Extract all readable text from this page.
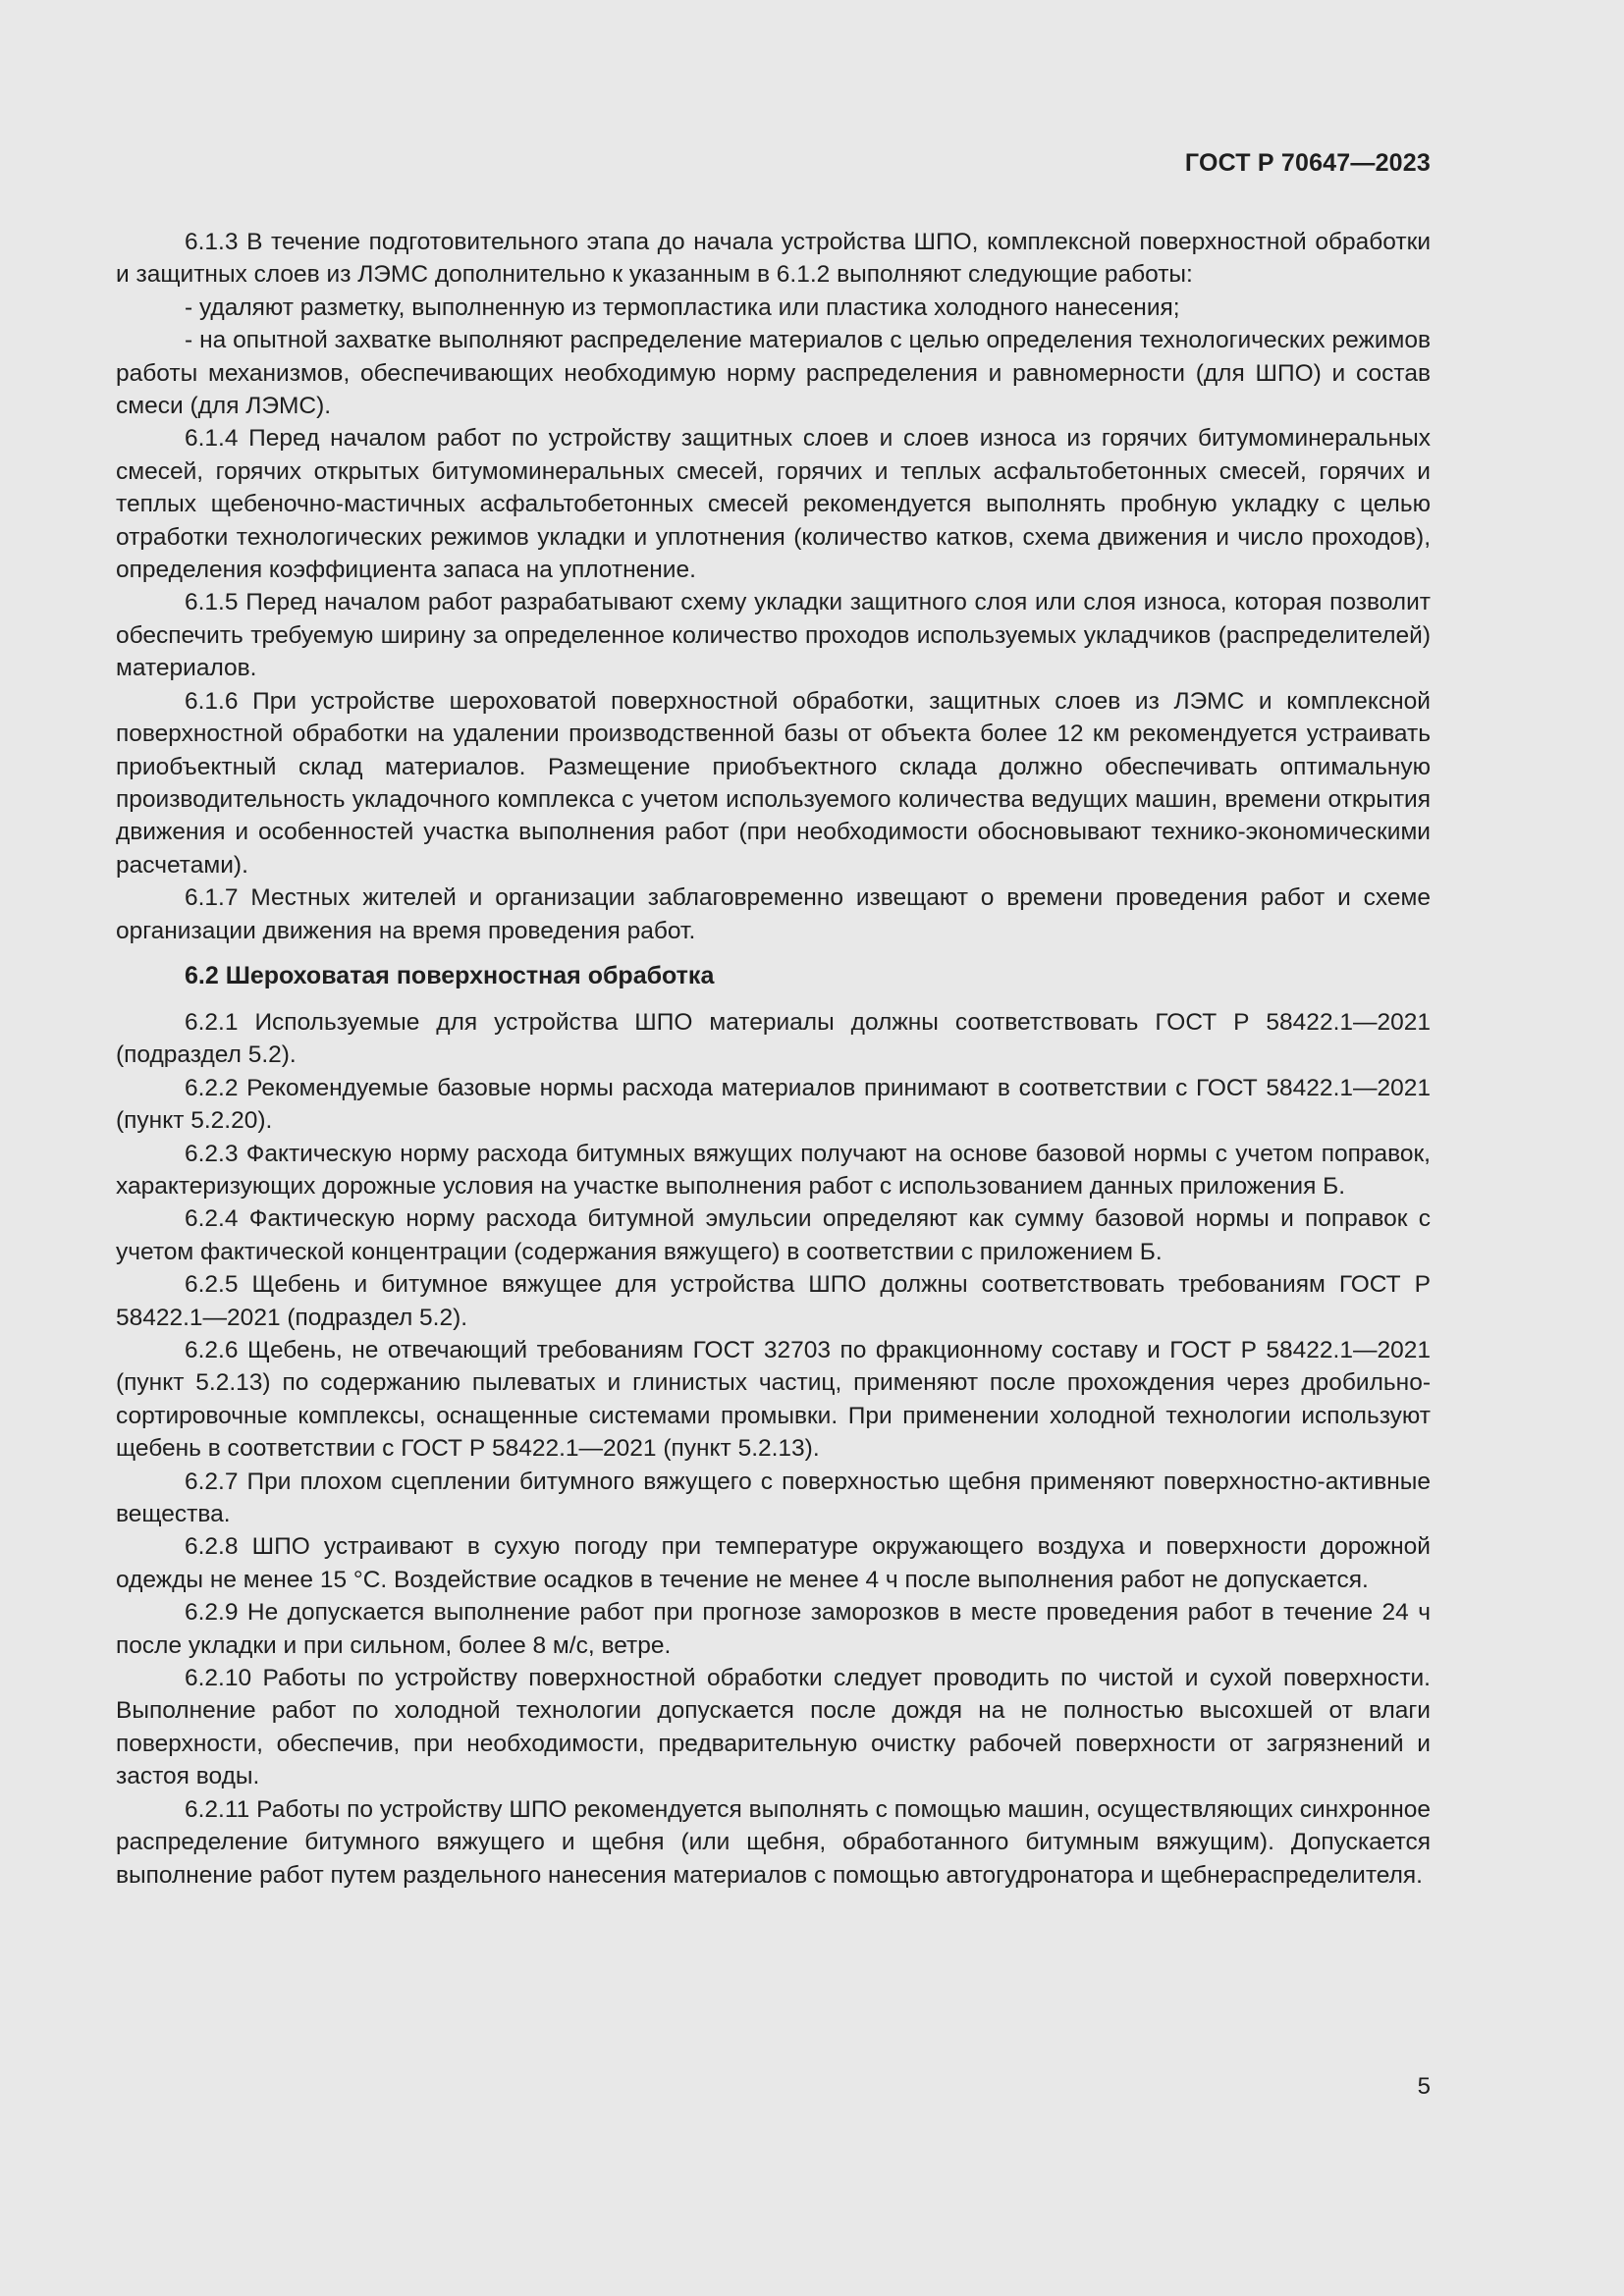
ГОСТ Р 70647—2023

6.1.3 В течение подготовительного этапа до начала устройства ШПО, комплексной поверхностной обработки и защитных слоев из ЛЭМС дополнительно к указанным в 6.1.2 выполняют следующие работы:

- удаляют разметку, выполненную из термопластика или пластика холодного нанесения;

- на опытной захватке выполняют распределение материалов с целью определения технологических режимов работы механизмов, обеспечивающих необходимую норму распределения и равномерности (для ШПО) и состав смеси (для ЛЭМС).

6.1.4 Перед началом работ по устройству защитных слоев и слоев износа из горячих битумоминеральных смесей, горячих открытых битумоминеральных смесей, горячих и теплых асфальтобетонных смесей, горячих и теплых щебеночно-мастичных асфальтобетонных смесей рекомендуется выполнять пробную укладку с целью отработки технологических режимов укладки и уплотнения (количество катков, схема движения и число проходов), определения коэффициента запаса на уплотнение.

6.1.5 Перед началом работ разрабатывают схему укладки защитного слоя или слоя износа, которая позволит обеспечить требуемую ширину за определенное количество проходов используемых укладчиков (распределителей) материалов.

6.1.6 При устройстве шероховатой поверхностной обработки, защитных слоев из ЛЭМС и комплексной поверхностной обработки на удалении производственной базы от объекта более 12 км рекомендуется устраивать приобъектный склад материалов. Размещение приобъектного склада должно обеспечивать оптимальную производительность укладочного комплекса с учетом используемого количества ведущих машин, времени открытия движения и особенностей участка выполнения работ (при необходимости обосновывают технико-экономическими расчетами).

6.1.7 Местных жителей и организации заблаговременно извещают о времени проведения работ и схеме организации движения на время проведения работ.

6.2 Шероховатая поверхностная обработка

6.2.1 Используемые для устройства ШПО материалы должны соответствовать ГОСТ Р 58422.1—2021 (подраздел 5.2).

6.2.2 Рекомендуемые базовые нормы расхода материалов принимают в соответствии с ГОСТ 58422.1—2021 (пункт 5.2.20).

6.2.3 Фактическую норму расхода битумных вяжущих получают на основе базовой нормы с учетом поправок, характеризующих дорожные условия на участке выполнения работ с использованием данных приложения Б.

6.2.4 Фактическую норму расхода битумной эмульсии определяют как сумму базовой нормы и поправок с учетом фактической концентрации (содержания вяжущего) в соответствии с приложением Б.

6.2.5 Щебень и битумное вяжущее для устройства ШПО должны соответствовать требованиям ГОСТ Р 58422.1—2021 (подраздел 5.2).

6.2.6 Щебень, не отвечающий требованиям ГОСТ 32703 по фракционному составу и ГОСТ Р 58422.1—2021 (пункт 5.2.13) по содержанию пылеватых и глинистых частиц, применяют после прохождения через дробильно-сортировочные комплексы, оснащенные системами промывки. При применении холодной технологии используют щебень в соответствии с ГОСТ Р 58422.1—2021 (пункт 5.2.13).

6.2.7 При плохом сцеплении битумного вяжущего с поверхностью щебня применяют поверхностно-активные вещества.

6.2.8 ШПО устраивают в сухую погоду при температуре окружающего воздуха и поверхности дорожной одежды не менее 15 °С. Воздействие осадков в течение не менее 4 ч после выполнения работ не допускается.

6.2.9 Не допускается выполнение работ при прогнозе заморозков в месте проведения работ в течение 24 ч после укладки и при сильном, более 8 м/с, ветре.

6.2.10 Работы по устройству поверхностной обработки следует проводить по чистой и сухой поверхности. Выполнение работ по холодной технологии допускается после дождя на не полностью высохшей от влаги поверхности, обеспечив, при необходимости, предварительную очистку рабочей поверхности от загрязнений и застоя воды.

6.2.11 Работы по устройству ШПО рекомендуется выполнять с помощью машин, осуществляющих синхронное распределение битумного вяжущего и щебня (или щебня, обработанного битумным вяжущим). Допускается выполнение работ путем раздельного нанесения материалов с помощью автогудронатора и щебнераспределителя.

5
